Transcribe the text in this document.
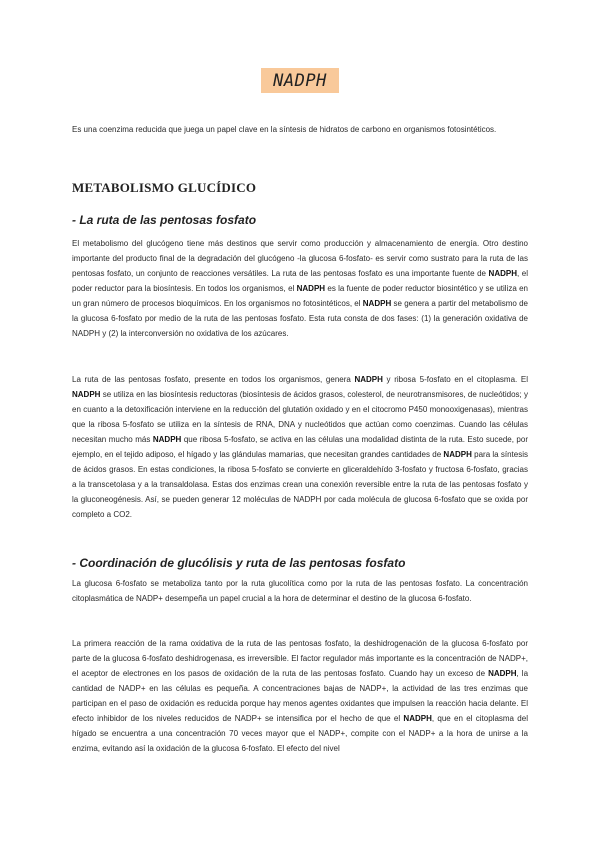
NADPH
Es una coenzima reducida que juega un papel clave en la síntesis de hidratos de carbono en organismos fotosintéticos.
METABOLISMO GLUCÍDICO
- La ruta de las pentosas fosfato
El metabolismo del glucógeno tiene más destinos que servir como producción y almacenamiento de energía. Otro destino importante del producto final de la degradación del glucógeno -la glucosa 6-fosfato- es servir como sustrato para la ruta de las pentosas fosfato, un conjunto de reacciones versátiles. La ruta de las pentosas fosfato es una importante fuente de NADPH, el poder reductor para la biosíntesis. En todos los organismos, el NADPH es la fuente de poder reductor biosintético y se utiliza en un gran número de procesos bioquímicos. En los organismos no fotosintéticos, el NADPH se genera a partir del metabolismo de la glucosa 6-fosfato por medio de la ruta de las pentosas fosfato. Esta ruta consta de dos fases: (1) la generación oxidativa de NADPH y (2) la interconversión no oxidativa de los azúcares.
La ruta de las pentosas fosfato, presente en todos los organismos, genera NADPH y ribosa 5-fosfato en el citoplasma. El NADPH se utiliza en las biosíntesis reductoras (biosíntesis de ácidos grasos, colesterol, de neurotransmisores, de nucleótidos; y en cuanto a la detoxificación interviene en la reducción del glutatión oxidado y en el citocromo P450 monooxigenasas), mientras que la ribosa 5-fosfato se utiliza en la síntesis de RNA, DNA y nucleótidos que actúan como coenzimas. Cuando las células necesitan mucho más NADPH que ribosa 5-fosfato, se activa en las células una modalidad distinta de la ruta. Esto sucede, por ejemplo, en el tejido adiposo, el hígado y las glándulas mamarias, que necesitan grandes cantidades de NADPH para la síntesis de ácidos grasos. En estas condiciones, la ribosa 5-fosfato se convierte en gliceraldehído 3-fosfato y fructosa 6-fosfato, gracias a la transcetolasa y a la transaldolasa. Estas dos enzimas crean una conexión reversible entre la ruta de las pentosas fosfato y la gluconeogénesis. Así, se pueden generar 12 moléculas de NADPH por cada molécula de glucosa 6-fosfato que se oxida por completo a CO2.
- Coordinación de glucólisis y ruta de las pentosas fosfato
La glucosa 6-fosfato se metaboliza tanto por la ruta glucolítica como por la ruta de las pentosas fosfato. La concentración citoplasmática de NADP+ desempeña un papel crucial a la hora de determinar el destino de la glucosa 6-fosfato.
La primera reacción de la rama oxidativa de la ruta de las pentosas fosfato, la deshidrogenación de la glucosa 6-fosfato por parte de la glucosa 6-fosfato deshidrogenasa, es irreversible. El factor regulador más importante es la concentración de NADP+, el aceptor de electrones en los pasos de oxidación de la ruta de las pentosas fosfato. Cuando hay un exceso de NADPH, la cantidad de NADP+ en las células es pequeña. A concentraciones bajas de NADP+, la actividad de las tres enzimas que participan en el paso de oxidación es reducida porque hay menos agentes oxidantes que impulsen la reacción hacia delante. El efecto inhibidor de los niveles reducidos de NADP+ se intensifica por el hecho de que el NADPH, que en el citoplasma del hígado se encuentra a una concentración 70 veces mayor que el NADP+, compite con el NADP+ a la hora de unirse a la enzima, evitando así la oxidación de la glucosa 6-fosfato. El efecto del nivel
